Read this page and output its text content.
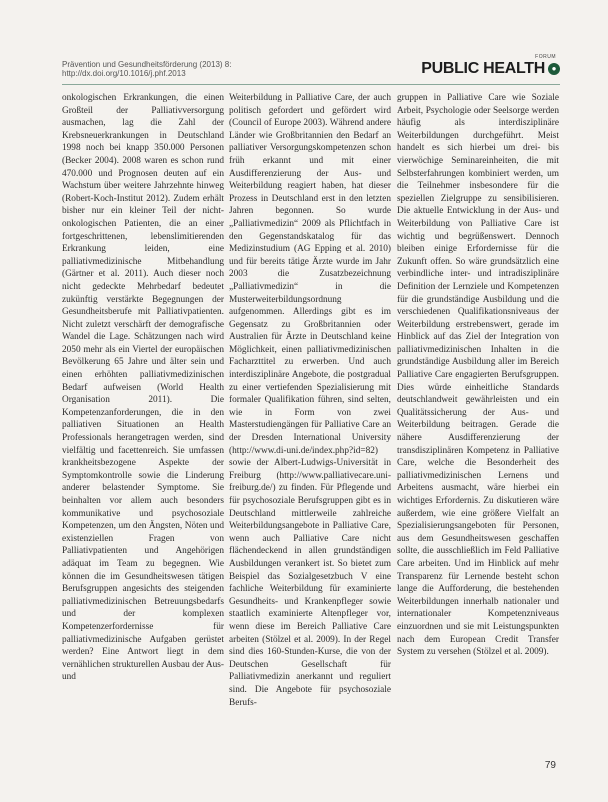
Prävention und Gesundheitsförderung (2013) 8:
http://dx.doi.org/10.1016/j.phf.2013
FORUM
PUBLIC HEALTH ●

onkologischen Erkrankungen, die einen Großteil der Palliativversorgung ausmachen, lag die Zahl der Krebsneuerkrankungen in Deutschland 1998 noch bei knapp 350.000 Personen (Becker 2004). 2008 waren es schon rund 470.000 und Prognosen deuten auf ein Wachstum über weitere Jahrzehnte hinweg (Robert-Koch-Institut 2012). Zudem erhält bisher nur ein kleiner Teil der nicht-onkologischen Patienten, die an einer fortgeschrittenen, lebenslimitierenden Erkrankung leiden, eine palliativmedizinische Mitbehandlung (Gärtner et al. 2011). Auch dieser noch nicht gedeckte Mehrbedarf bedeutet zukünftig verstärkte Begegnungen der Gesundheitsberufe mit Palliativpatienten. Nicht zuletzt verschärft der demografische Wandel die Lage. Schätzungen nach wird 2050 mehr als ein Viertel der europäischen Bevölkerung 65 Jahre und älter sein und einen erhöhten palliativmedizinischen Bedarf aufweisen (World Health Organisation 2011). Die Kompetenzanforderungen, die in den palliativen Situationen an Health Professionals herangetragen werden, sind vielfältig und facettenreich. Sie umfassen krankheitsbezogene Aspekte der Symptomkontrolle sowie die Linderung anderer belastender Symptome. Sie beinhalten vor allem auch besonders kommunikative und psychosoziale Kompetenzen, um den Ängsten, Nöten und existenziellen Fragen von Palliativpatienten und Angehörigen adäquat im Team zu begegnen. Wie können die im Gesundheitswesen tätigen Berufsgruppen angesichts des steigenden palliativmedizinischen Betreuungsbedarfs und der komplexen Kompetenzerfordernisse für palliativmedizinische Aufgaben gerüstet werden? Eine Antwort liegt in dem vernählichen strukturellen Ausbau der Aus- und

Weiterbildung in Palliative Care, der auch politisch gefordert und gefördert wird (Council of Europe 2003). Während andere Länder wie Großbritannien den Bedarf an palliativer Versorgungskompetenzen schon früh erkannt und mit einer Ausdifferenzierung der Aus- und Weiterbildung reagiert haben, hat dieser Prozess in Deutschland erst in den letzten Jahren begonnen. So wurde „Palliativmedizin“ 2009 als Pflichtfach in den Gegenstandskatalog für das Medizinstudium (AG Epping et al. 2010) und für bereits tätige Ärzte wurde im Jahr 2003 die Zusatzbezeichnung „Palliativmedizin“ in die Musterweiterbildungsordnung aufgenommen. Allerdings gibt es im Gegensatz zu Großbritannien oder Australien für Ärzte in Deutschland keine Möglichkeit, einen palliativmedizinischen Facharzttitel zu erwerben. Und auch interdisziplinäre Angebote, die postgradual zu einer vertiefenden Spezialisierung mit formaler Qualifikation führen, sind selten, wie in Form von zwei Masterstudiengängen für Palliative Care an der Dresden International University (http://www.di-uni.de/index.php?id=82) sowie der Albert-Ludwigs-Universität in Freiburg (http://www.palliativecare.uni-freiburg.de/) zu finden. Für Pflegende und für psychosoziale Berufsgruppen gibt es in Deutschland mittlerweile zahlreiche Weiterbildungsangebote in Palliative Care, wenn auch Palliative Care nicht flächendeckend in allen grundständigen Ausbildungen verankert ist. So bietet zum Beispiel das Sozialgesetzbuch V eine fachliche Weiterbildung für examinierte Gesundheits- und Krankenpfleger sowie staatlich examinierte Altenpfleger vor, wenn diese im Bereich Palliative Care arbeiten (Stölzel et al. 2009). In der Regel sind dies 160-Stunden-Kurse, die von der Deutschen Gesellschaft für Palliativmedizin anerkannt und reguliert sind. Die Angebote für psychosoziale Berufs-

gruppen in Palliative Care wie Soziale Arbeit, Psychologie oder Seelsorge werden häufig als interdisziplinäre Weiterbildungen durchgeführt. Meist handelt es sich hierbei um drei- bis vierwöchige Seminareinheiten, die mit Selbsterfahrungen kombiniert werden, um die Teilnehmer insbesondere für die speziellen Zielgruppe zu sensibilisieren. Die aktuelle Entwicklung in der Aus- und Weiterbildung von Palliative Care ist wichtig und begrüßenswert. Dennoch bleiben einige Erfordernisse für die Zukunft offen. So wäre grundsätzlich eine verbindliche inter- und intradisziplinäre Definition der Lernziele und Kompetenzen für die grundständige Ausbildung und die verschiedenen Qualifikationsniveaus der Weiterbildung erstrebenswert, gerade im Hinblick auf das Ziel der Integration von palliativmedizinischen Inhalten in die grundständige Ausbildung aller im Bereich Palliative Care engagierten Berufsgruppen. Dies würde einheitliche Standards deutschlandweit gewährleisten und ein Qualitätssicherung der Aus- und Weiterbildung beitragen. Gerade die nähere Ausdifferenzierung der transdisziplinären Kompetenz in Palliative Care, welche die Besonderheit des palliativmedizinischen Lernens und Arbeitens ausmacht, wäre hierbei ein wichtiges Erfordernis. Zu diskutieren wäre außerdem, wie eine größere Vielfalt an Spezialisierungsangeboten für Personen, aus dem Gesundheitswesen geschaffen sollte, die ausschließlich im Feld Palliative Care arbeiten. Und im Hinblick auf mehr Transparenz für Lernende besteht schon lange die Aufforderung, die bestehenden Weiterbildungen innerhalb nationaler und internationaler Kompetenzniveaus einzuordnen und sie mit Leistungspunkten nach dem European Credit Transfer System zu versehen (Stölzel et al. 2009).

79
